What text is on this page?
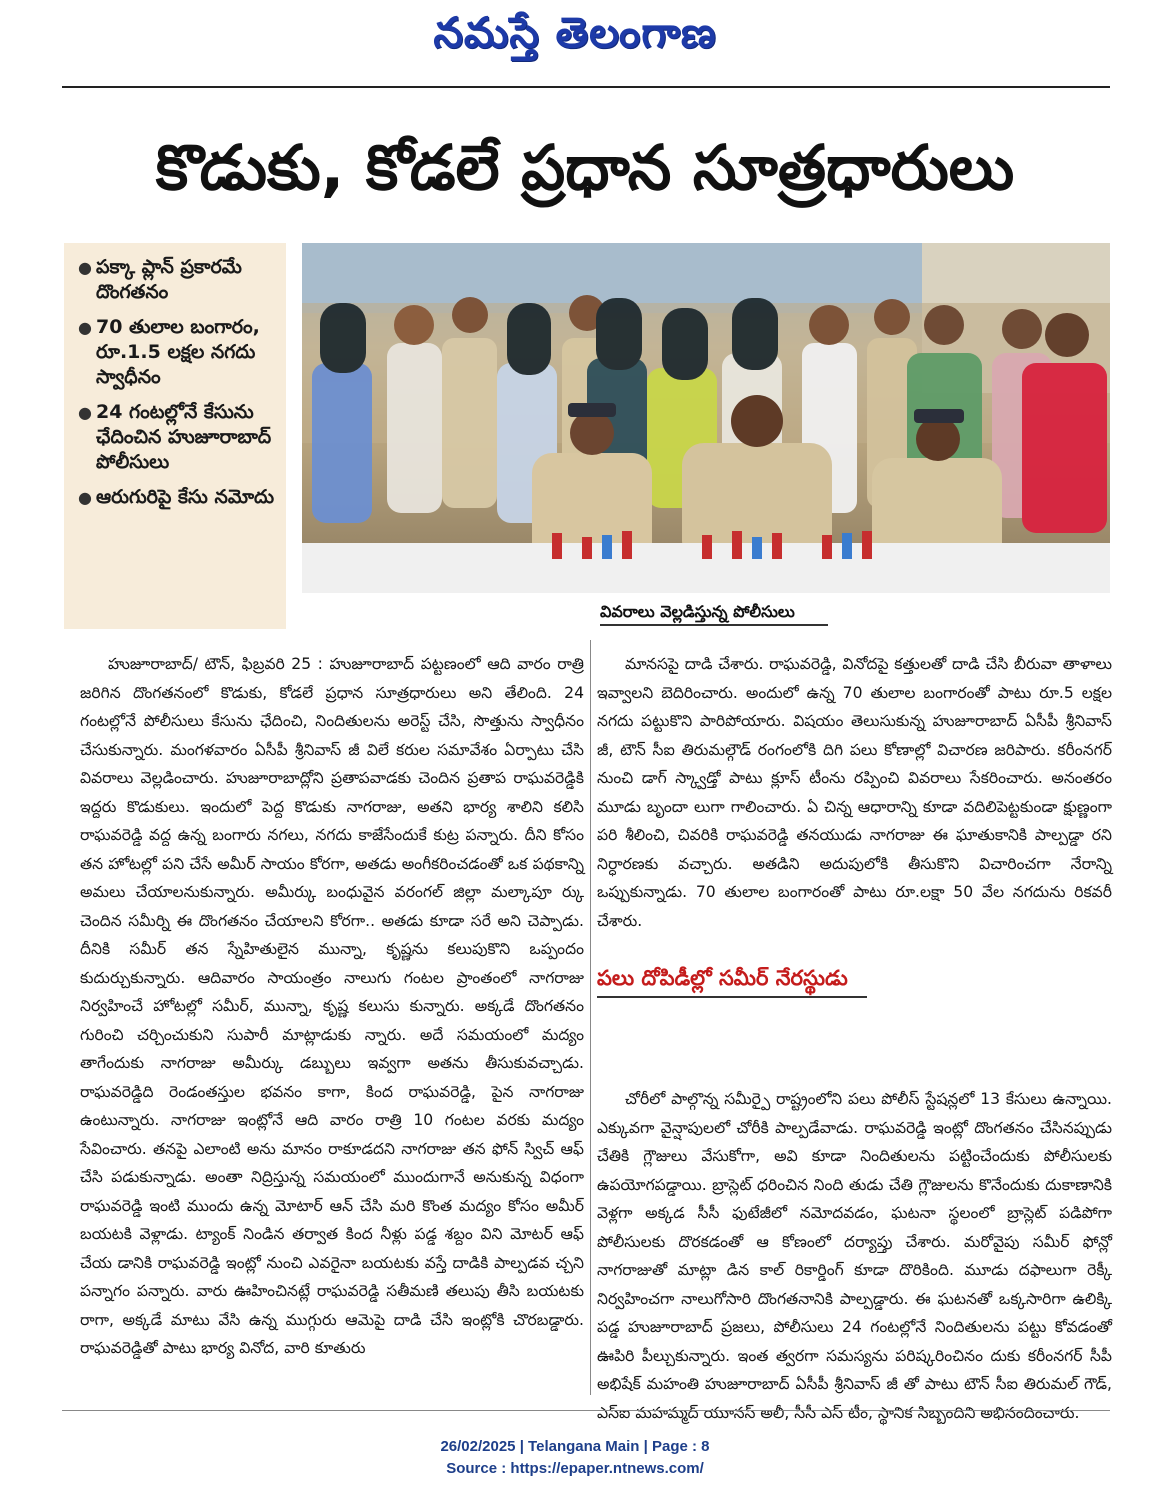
నమస్తే తెలంగాణ
కొడుకు, కోడలే ప్రధాన సూత్రధారులు
● పక్కా ప్లాన్ ప్రకారమే దొంగతనం
● 70 తులాల బంగారం, రూ.1.5 లక్షల నగదు స్వాధీనం
● 24 గంటల్లోనే కేసును ఛేదించిన హుజూరాబాద్ పోలీసులు
● ఆరుగురిపై కేసు నమోదు
వివరాలు వెల్లడిస్తున్న పోలీసులు

హుజూరాబాద్/ టౌన్, ఫిబ్రవరి 25 : హుజూరాబాద్ పట్టణంలో ఆది వారం రాత్రి జరిగిన దొంగతనంలో కొడుకు, కోడలే ప్రధాన సూత్రధారులు అని తేలింది. 24 గంటల్లోనే పోలీసులు కేసును ఛేదించి, నిందితులను అరెస్ట్ చేసి, సొత్తును స్వాధీనం చేసుకున్నారు. మంగళవారం ఏసీపీ శ్రీనివాస్ జీ విలే కరుల సమావేశం ఏర్పాటు చేసి వివరాలు వెల్లడించారు. హుజూరాబాద్లోని ప్రతాపవాడకు చెందిన ప్రతాప రాఘవరెడ్డికి ఇద్దరు కొడుకులు. ఇందులో పెద్ద కొడుకు నాగరాజు, అతని భార్య శాలిని కలిసి రాఘవరెడ్డి వద్ద ఉన్న బంగారు నగలు, నగదు కాజేసేందుకే కుట్ర పన్నారు. దీని కోసం తన హోటల్లో పని చేసే అమీర్ సాయం కోరగా, అతడు అంగీకరించడంతో ఒక పథకాన్ని అమలు చేయాలనుకున్నారు. అమీర్కు బంధువైన వరంగల్ జిల్లా మల్కాపూ ర్కు చెందిన సమీర్ని ఈ దొంగతనం చేయాలని కోరగా.. అతడు కూడా సరే అని చెప్పాడు. దీనికి సమీర్ తన స్నేహితులైన మున్నా, కృష్ణను కలుపుకొని ఒప్పందం కుదుర్చుకున్నారు. ఆదివారం సాయంత్రం నాలుగు గంటల ప్రాంతంలో నాగరాజు నిర్వహించే హోటల్లో సమీర్, మున్నా, కృష్ణ కలుసు కున్నారు. అక్కడే దొంగతనం గురించి చర్చించుకుని సుపారీ మాట్లాడుకు న్నారు. అదే సమయంలో మద్యం తాగేందుకు నాగరాజు అమీర్కు డబ్బులు ఇవ్వగా అతను తీసుకువచ్చాడు. రాఘవరెడ్డిది రెండంతస్తుల భవనం కాగా, కింద రాఘవరెడ్డి, పైన నాగరాజు ఉంటున్నారు. నాగరాజు ఇంట్లోనే ఆది వారం రాత్రి 10 గంటల వరకు మద్యం సేవించారు. తనపై ఎలాంటి అను మానం రాకూడదని నాగరాజు తన ఫోన్ స్విచ్ ఆఫ్ చేసి పడుకున్నాడు. అంతా నిద్రిస్తున్న సమయంలో ముందుగానే అనుకున్న విధంగా రాఘవరెడ్డి ఇంటి ముందు ఉన్న మోటార్ ఆన్ చేసి మరి కొంత మద్యం కోసం అమీర్ బయటకి వెళ్లాడు. ట్యాంక్ నిండిన తర్వాత కింద నీళ్లు పడ్డ శబ్దం విని మోటర్ ఆఫ్ చేయ డానికి రాఘవరెడ్డి ఇంట్లో నుంచి ఎవరైనా బయటకు వస్తే దాడికి పాల్పడవ చ్చని పన్నాగం పన్నారు. వారు ఊహించినట్లే రాఘవరెడ్డి సతీమణి తలుపు తీసి బయటకు రాగా, అక్కడే మాటు వేసి ఉన్న ముగ్గురు ఆమెపై దాడి చేసి ఇంట్లోకి చొరబడ్డారు. రాఘవరెడ్డితో పాటు భార్య వినోద, వారి కూతురు

మానసపై దాడి చేశారు. రాఘవరెడ్డి, వినోదపై కత్తులతో దాడి చేసి బీరువా తాళాలు ఇవ్వాలని బెదిరించారు. అందులో ఉన్న 70 తులాల బంగారంతో పాటు రూ.5 లక్షల నగదు పట్టుకొని పారిపోయారు. విషయం తెలుసుకున్న హుజూరాబాద్ ఏసీపీ శ్రీనివాస్ జీ, టౌన్ సీఐ తిరుమల్గౌడ్ రంగంలోకి దిగి పలు కోణాల్లో విచారణ జరిపారు. కరీంనగర్ నుంచి డాగ్ స్క్వాడ్తో పాటు క్లూస్ టీంను రప్పించి వివరాలు సేకరించారు. అనంతరం మూడు బృందా లుగా గాలించారు. ఏ చిన్న ఆధారాన్ని కూడా వదిలిపెట్టకుండా క్షుణ్ణంగా పరి శీలించి, చివరికి రాఘవరెడ్డి తనయుడు నాగరాజు ఈ ఘాతుకానికి పాల్పడ్డా రని నిర్ధారణకు వచ్చారు. అతడిని అదుపులోకి తీసుకొని విచారించగా నేరాన్ని ఒప్పుకున్నాడు. 70 తులాల బంగారంతో పాటు రూ.లక్షా 50 వేల నగదును రికవరీ చేశారు.

పలు దోపిడీల్లో సమీర్ నేరస్థుడు

చోరీలో పాల్గొన్న సమీర్పై రాష్ట్రంలోని పలు పోలీస్ స్టేషన్లలో 13 కేసులు ఉన్నాయి. ఎక్కువగా వైన్షాపులలో చోరీకి పాల్పడేవాడు. రాఘవరెడ్డి ఇంట్లో దొంగతనం చేసినప్పుడు చేతికి గ్లౌజులు వేసుకోగా, అవి కూడా నిందితులను పట్టించేందుకు పోలీసులకు ఉపయోగపడ్డాయి. బ్రాస్లెట్ ధరించిన నింది తుడు చేతి గ్లౌజులను కొనేందుకు దుకాణానికి వెళ్లగా అక్కడ సీసీ ఫుటేజీలో నమోదవడం, ఘటనా స్థలంలో బ్రాస్లెట్ పడిపోగా పోలీసులకు దొరకడంతో ఆ కోణంలో దర్యాప్తు చేశారు. మరోవైపు సమీర్ ఫోన్లో నాగరాజుతో మాట్లా డిన కాల్ రికార్డింగ్ కూడా దొరికింది. మూడు దఫాలుగా రెక్కీ నిర్వహించగా నాలుగోసారి దొంగతనానికి పాల్పడ్డారు. ఈ ఘటనతో ఒక్కసారిగా ఉలిక్కి పడ్డ హుజూరాబాద్ ప్రజలు, పోలీసులు 24 గంటల్లోనే నిందితులను పట్టు కోవడంతో ఊపిరి పీల్చుకున్నారు. ఇంత త్వరగా సమస్యను పరిష్కరించినం దుకు కరీంనగర్ సీపీ అభిషేక్ మహంతి హుజూరాబాద్ ఏసీపీ శ్రీనివాస్ జీ తో పాటు టౌన్ సీఐ తిరుమల్ గౌడ్, ఎస్ఐ మహమ్మద్ యూనస్ అలీ, సీసీ ఎస్ టీం, స్థానిక సిబ్బందిని అభినందించారు.

26/02/2025 | Telangana Main | Page : 8
Source : https://epaper.ntnews.com/
